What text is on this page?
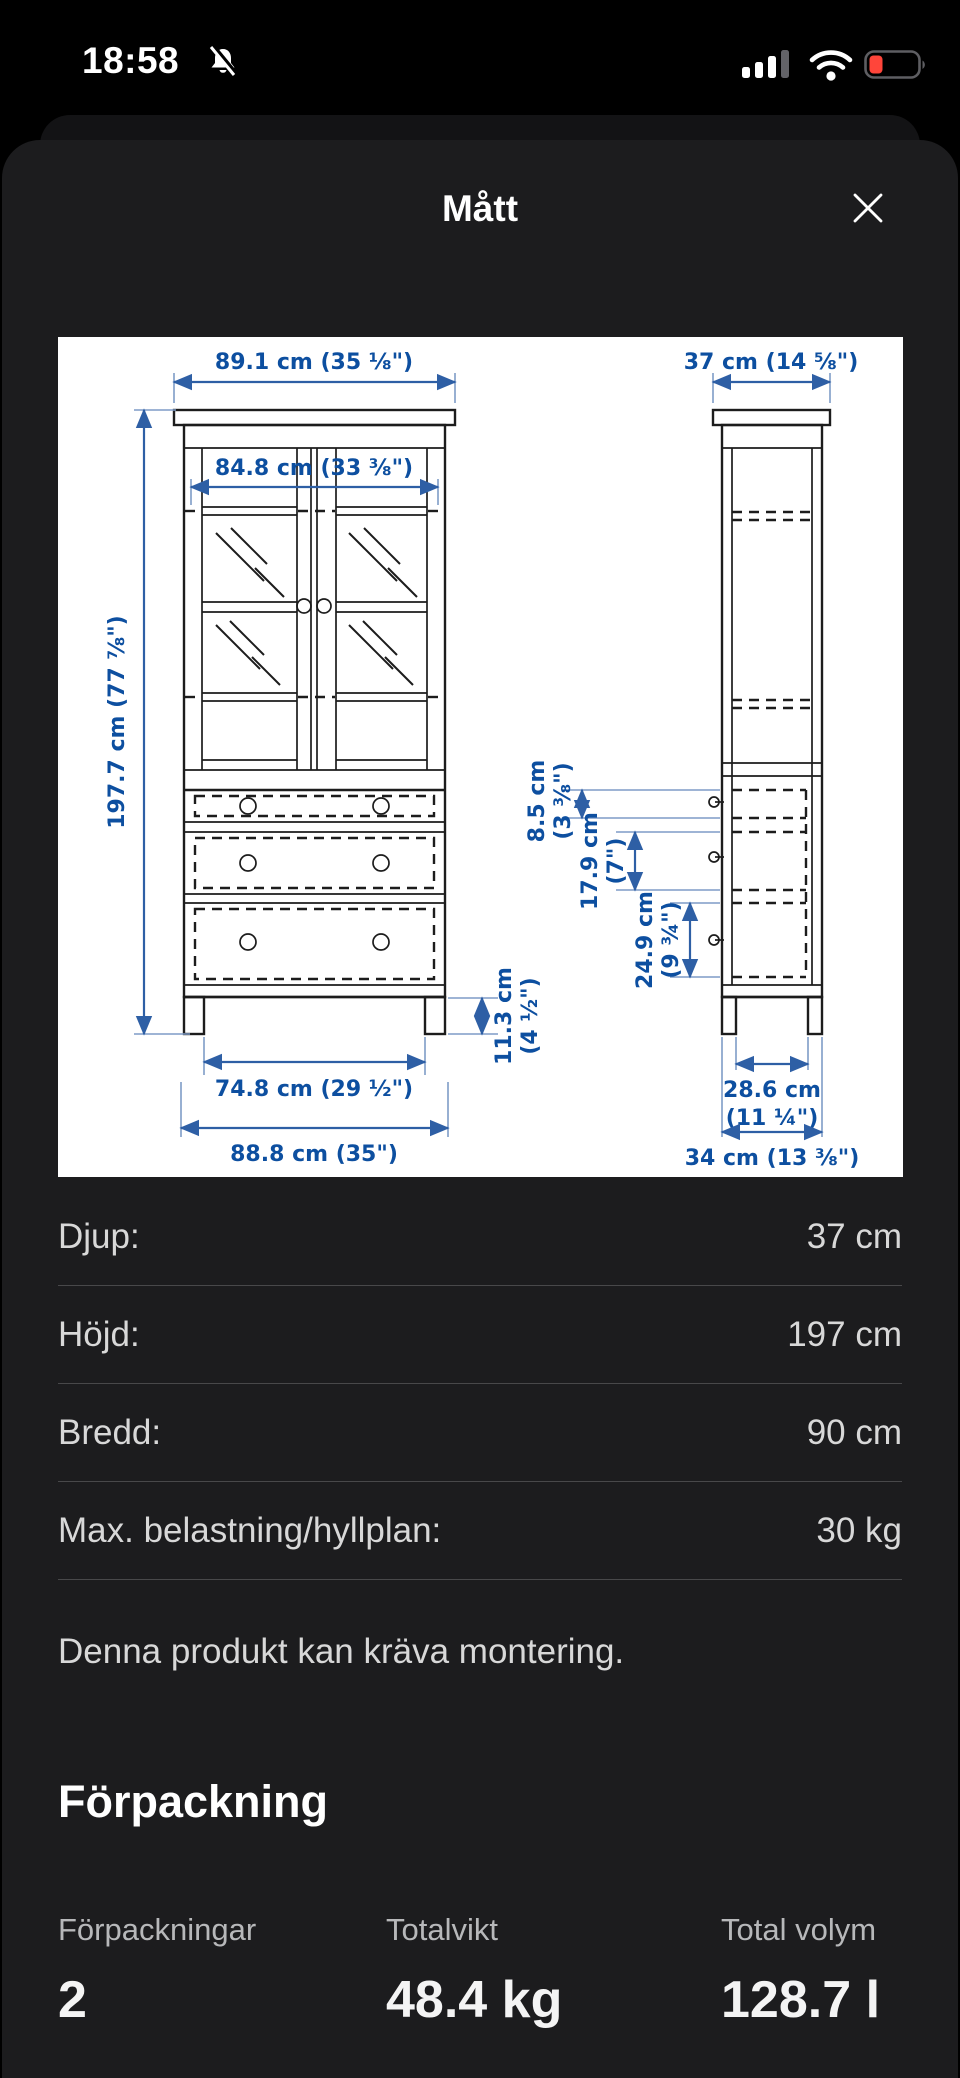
18:58
Mått
89.1 cm (35 ⅛")
84.8 cm (33 ⅜")
197.7 cm (77 ⅞")
11.3 cm (4 ½")
74.8 cm (29 ½")
88.8 cm (35")
37 cm (14 ⅝")
8.5 cm (3 ⅜")
17.9 cm (7")
24.9 cm (9 ¾")
28.6 cm
(11 ¼")
34 cm (13 ⅜")
Djup:	37 cm
Höjd:	197 cm
Bredd:	90 cm
Max. belastning/hyllplan:	30 kg
Denna produkt kan kräva montering.
Förpackning
Förpackningar
2
Totalvikt
48.4 kg
Total volym
128.7 l
